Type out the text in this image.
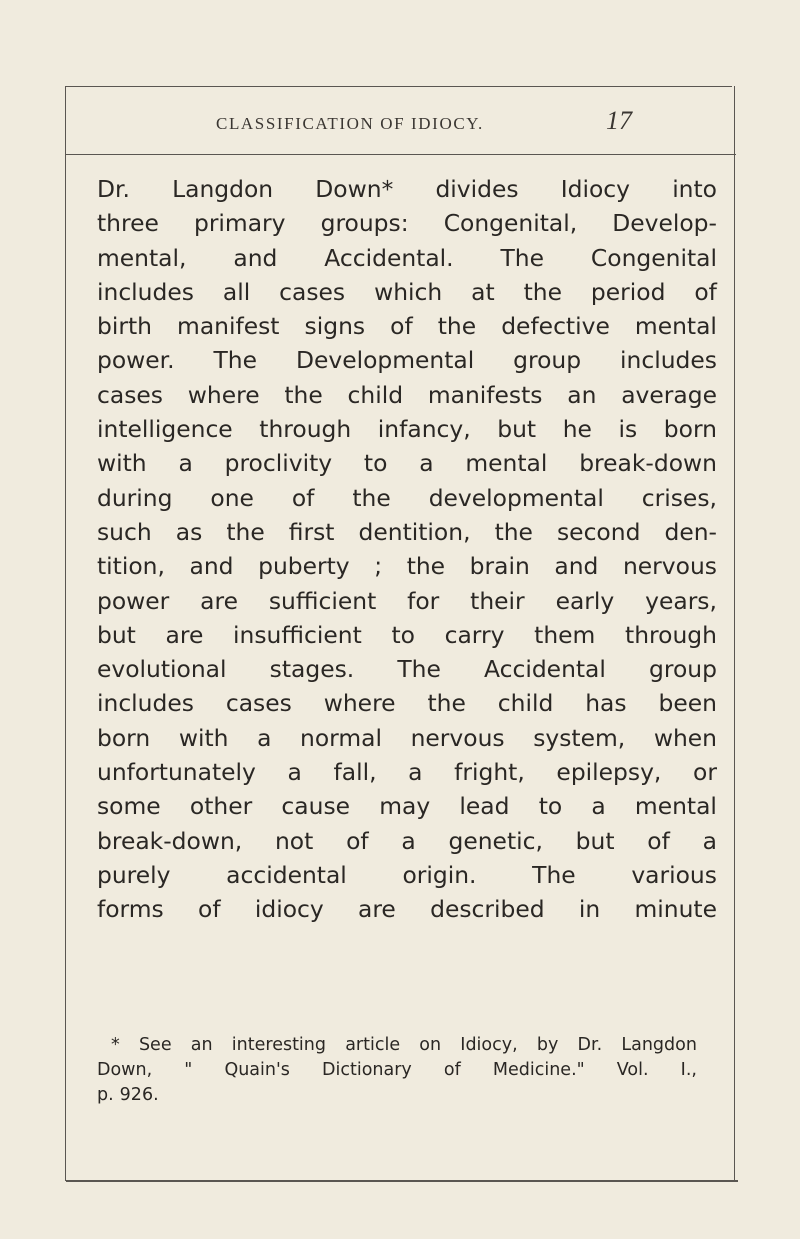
CLASSIFICATION OF IDIOCY.	17
Dr. Langdon Down* divides Idiocy into
three primary groups: Congenital, Develop-
mental, and Accidental. The Congenital
includes all cases which at the period of
birth manifest signs of the defective mental
power. The Developmental group includes
cases where the child manifests an average
intelligence through infancy, but he is born
with a proclivity to a mental break-down
during one of the developmental crises,
such as the first dentition, the second den-
tition, and puberty ; the brain and nervous
power are sufficient for their early years,
but are insufficient to carry them through
evolutional stages. The Accidental group
includes cases where the child has been
born with a normal nervous system, when
unfortunately a fall, a fright, epilepsy, or
some other cause may lead to a mental
break-down, not of a genetic, but of a
purely accidental origin. The various
forms of idiocy are described in minute
* See an interesting article on Idiocy, by Dr. Langdon
Down, " Quain's Dictionary of Medicine." Vol. I.,
p. 926.
